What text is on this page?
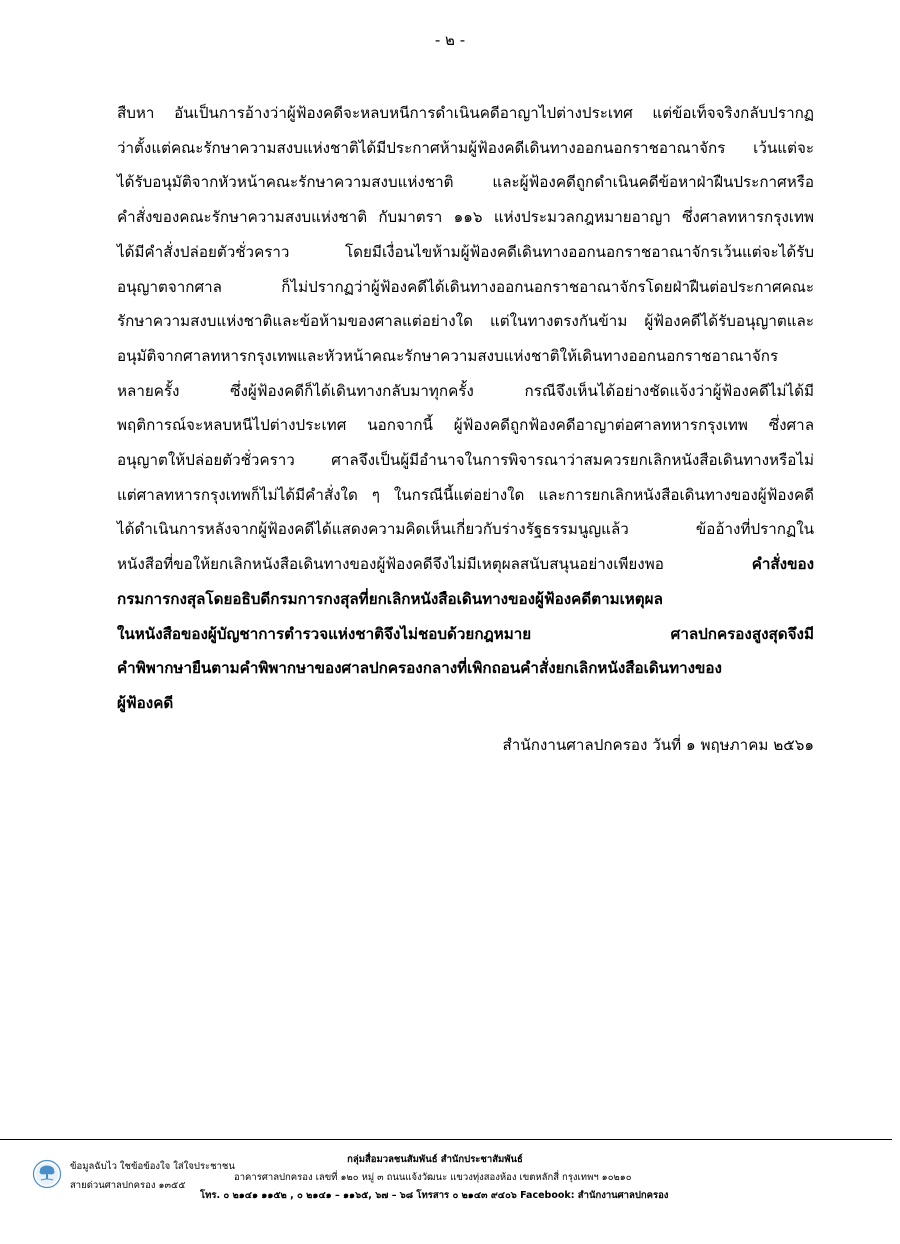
- ๒ -
สืบหา อันเป็นการอ้างว่าผู้ฟ้องคดีจะหลบหนีการดำเนินคดีอาญาไปต่างประเทศ แต่ข้อเท็จจริงกลับปรากฏ
ว่าตั้งแต่คณะรักษาความสงบแห่งชาติได้มีประกาศห้ามผู้ฟ้องคดีเดินทางออกนอกราชอาณาจักร เว้นแต่จะ
ได้รับอนุมัติจากหัวหน้าคณะรักษาความสงบแห่งชาติ และผู้ฟ้องคดีถูกดำเนินคดีข้อหาฝ่าฝืนประกาศหรือ
คำสั่งของคณะรักษาความสงบแห่งชาติ กับมาตรา ๑๑๖ แห่งประมวลกฎหมายอาญา ซึ่งศาลทหารกรุงเทพ
ได้มีคำสั่งปล่อยตัวชั่วคราว โดยมีเงื่อนไขห้ามผู้ฟ้องคดีเดินทางออกนอกราชอาณาจักรเว้นแต่จะได้รับ
อนุญาตจากศาล ก็ไม่ปรากฏว่าผู้ฟ้องคดีได้เดินทางออกนอกราชอาณาจักรโดยฝ่าฝืนต่อประกาศคณะ
รักษาความสงบแห่งชาติและข้อห้ามของศาลแต่อย่างใด แต่ในทางตรงกันข้าม ผู้ฟ้องคดีได้รับอนุญาตและ
อนุมัติจากศาลทหารกรุงเทพและหัวหน้าคณะรักษาความสงบแห่งชาติให้เดินทางออกนอกราชอาณาจักร
หลายครั้ง ซึ่งผู้ฟ้องคดีก็ได้เดินทางกลับมาทุกครั้ง กรณีจึงเห็นได้อย่างชัดแจ้งว่าผู้ฟ้องคดีไม่ได้มี
พฤติการณ์จะหลบหนีไปต่างประเทศ นอกจากนี้ ผู้ฟ้องคดีถูกฟ้องคดีอาญาต่อศาลทหารกรุงเทพ ซึ่งศาล
อนุญาตให้ปล่อยตัวชั่วคราว ศาลจึงเป็นผู้มีอำนาจในการพิจารณาว่าสมควรยกเลิกหนังสือเดินทางหรือไม่
แต่ศาลทหารกรุงเทพก็ไม่ได้มีคำสั่งใด ๆ ในกรณีนี้แต่อย่างใด และการยกเลิกหนังสือเดินทางของผู้ฟ้องคดี
ได้ดำเนินการหลังจากผู้ฟ้องคดีได้แสดงความคิดเห็นเกี่ยวกับร่างรัฐธรรมนูญแล้ว ข้ออ้างที่ปรากฏใน
หนังสือที่ขอให้ยกเลิกหนังสือเดินทางของผู้ฟ้องคดีจึงไม่มีเหตุผลสนับสนุนอย่างเพียงพอ คำสั่งของ
กรมการกงสุลโดยอธิบดีกรมการกงสุลที่ยกเลิกหนังสือเดินทางของผู้ฟ้องคดีตามเหตุผล
ในหนังสือของผู้บัญชาการตำรวจแห่งชาติจึงไม่ชอบด้วยกฎหมาย ศาลปกครองสูงสุดจึงมี
คำพิพากษายืนตามคำพิพากษาของศาลปกครองกลางที่เพิกถอนคำสั่งยกเลิกหนังสือเดินทางของ
ผู้ฟ้องคดี
สำนักงานศาลปกครอง วันที่ ๑ พฤษภาคม ๒๕๖๑
ข้อมูลฉับไว ใชข้อข้องใจ ใส่ใจประชาชน
สายด่วนศาลปกครอง ๑๓๕๕
กลุ่มสื่อมวลชนสัมพันธ์ สำนักประชาสัมพันธ์
อาคารศาลปกครอง เลขที่ ๑๒๐ หมู่ ๓ ถนนแจ้งวัฒนะ แขวงทุ่งสองห้อง เขตหลักสี่ กรุงเทพฯ ๑๐๒๑๐
โทร. ๐ ๒๑๔๑ ๑๑๕๒ , ๐ ๒๑๔๑ – ๑๑๖๕, ๖๗ – ๖๘ โทรสาร ๐ ๒๑๔๓ ๙๔๐๖ Facebook: สำนักงานศาลปกครอง
